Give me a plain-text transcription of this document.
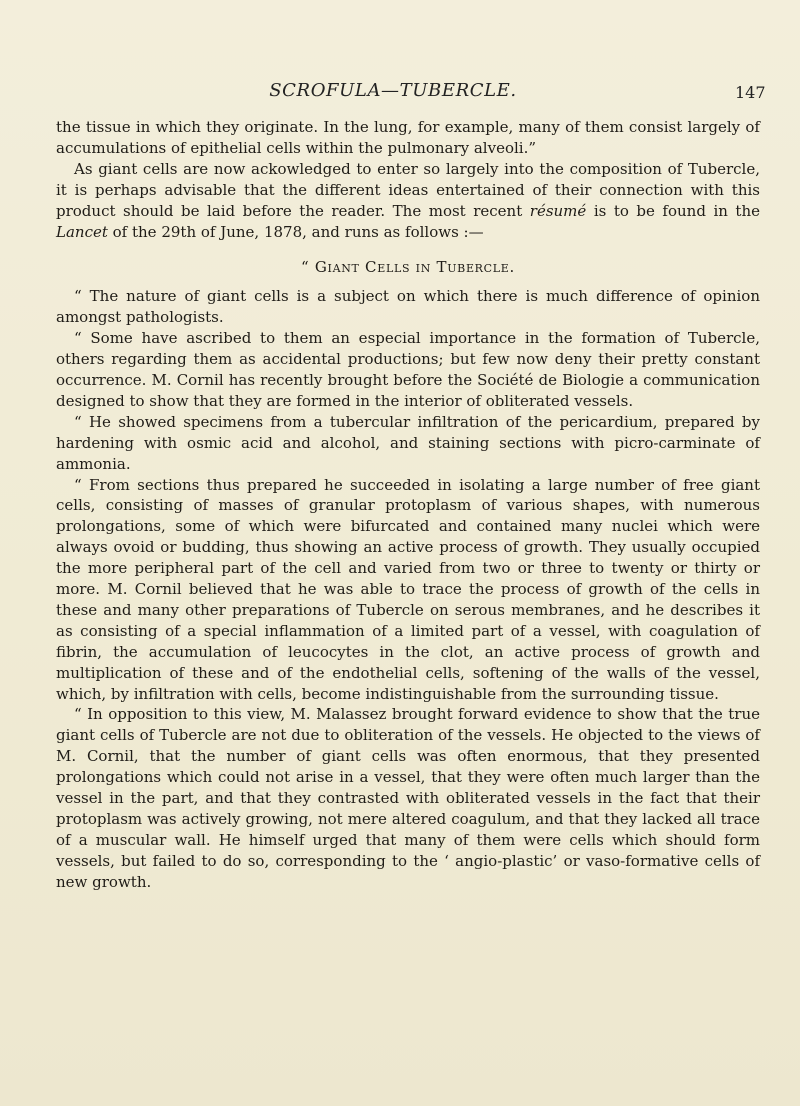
SCROFULA—TUBERCLE.	147

the tissue in which they originate. In the lung, for example, many of them consist largely of accumulations of epithelial cells within the pulmonary alveoli.”

As giant cells are now ackowledged to enter so largely into the composition of Tubercle, it is perhaps advisable that the different ideas entertained of their connection with this product should be laid before the reader. The most recent résumé is to be found in the Lancet of the 29th of June, 1878, and runs as follows :—

“ Giant Cells in Tubercle.

“ The nature of giant cells is a subject on which there is much difference of opinion amongst pathologists.

“ Some have ascribed to them an especial importance in the formation of Tubercle, others regarding them as accidental productions; but few now deny their pretty constant occurrence. M. Cornil has recently brought before the Société de Biologie a communication designed to show that they are formed in the interior of obliterated vessels.

“ He showed specimens from a tubercular infiltration of the pericardium, prepared by hardening with osmic acid and alcohol, and staining sections with picro-carminate of ammonia.

“ From sections thus prepared he succeeded in isolating a large number of free giant cells, consisting of masses of granular protoplasm of various shapes, with numerous prolongations, some of which were bifurcated and contained many nuclei which were always ovoid or budding, thus showing an active process of growth. They usually occupied the more peripheral part of the cell and varied from two or three to twenty or thirty or more. M. Cornil believed that he was able to trace the process of growth of the cells in these and many other preparations of Tubercle on serous membranes, and he describes it as consisting of a special inflammation of a limited part of a vessel, with coagulation of fibrin, the accumulation of leucocytes in the clot, an active process of growth and multiplication of these and of the endothelial cells, softening of the walls of the vessel, which, by infiltration with cells, become indistinguishable from the surrounding tissue.

“ In opposition to this view, M. Malassez brought forward evidence to show that the true giant cells of Tubercle are not due to obliteration of the vessels. He objected to the views of M. Cornil, that the number of giant cells was often enormous, that they presented prolongations which could not arise in a vessel, that they were often much larger than the vessel in the part, and that they contrasted with obliterated vessels in the fact that their protoplasm was actively growing, not mere altered coagulum, and that they lacked all trace of a muscular wall. He himself urged that many of them were cells which should form vessels, but failed to do so, corresponding to the ‘ angio-plastic’ or vaso-formative cells of new growth.
